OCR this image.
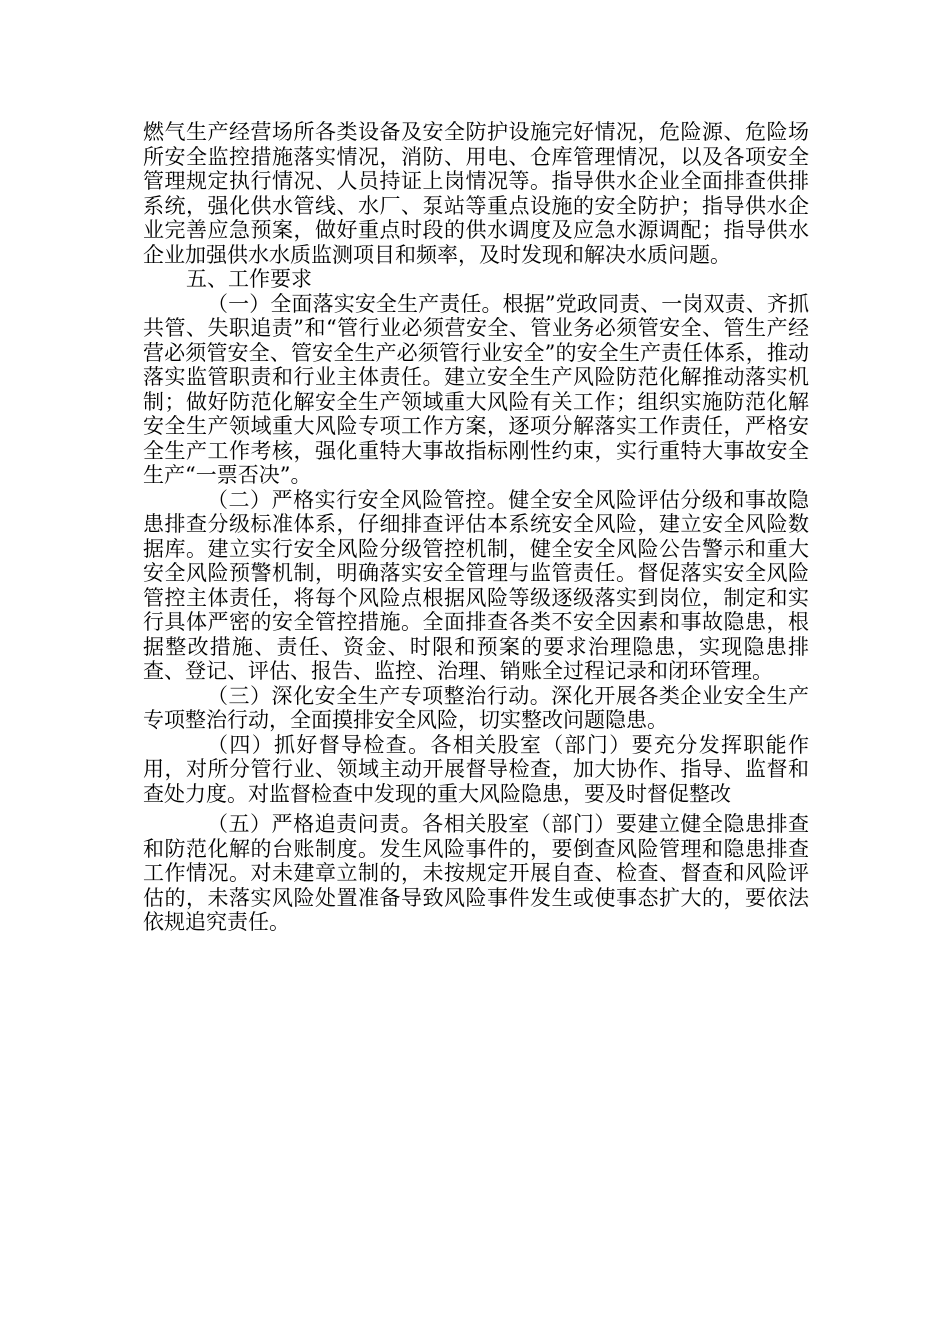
燃气生产经营场所各类设备及安全防护设施完好情况，危险源、危险场所安全监控措施落实情况，消防、用电、仓库管理情况，以及各项安全管理规定执行情况、人员持证上岗情况等。指导供水企业全面排查供排系统，强化供水管线、水厂、泵站等重点设施的安全防护；指导供水企业完善应急预案，做好重点时段的供水调度及应急水源调配；指导供水企业加强供水水质监测项目和频率，及时发现和解决水质问题。

五、工作要求

（一）全面落实安全生产责任。根据”党政同责、一岗双责、齐抓共管、失职追责”和“管行业必须营安全、管业务必须管安全、管生产经营必须管安全、管安全生产必须管行业安全”的安全生产责任体系，推动落实监管职责和行业主体责任。建立安全生产风险防范化解推动落实机制；做好防范化解安全生产领域重大风险有关工作；组织实施防范化解安全生产领域重大风险专项工作方案，逐项分解落实工作责任，严格安全生产工作考核，强化重特大事故指标刚性约束，实行重特大事故安全生产“一票否决”。

（二）严格实行安全风险管控。健全安全风险评估分级和事故隐患排查分级标准体系，仔细排查评估本系统安全风险，建立安全风险数据库。建立实行安全风险分级管控机制，健全安全风险公告警示和重大安全风险预警机制，明确落实安全管理与监管责任。督促落实安全风险管控主体责任，将每个风险点根据风险等级逐级落实到岗位，制定和实行具体严密的安全管控措施。全面排查各类不安全因素和事故隐患，根据整改措施、责任、资金、时限和预案的要求治理隐患，实现隐患排查、登记、评估、报告、监控、治理、销账全过程记录和闭环管理。

（三）深化安全生产专项整治行动。深化开展各类企业安全生产专项整治行动，全面摸排安全风险，切实整改问题隐患。

（四）抓好督导检查。各相关股室（部门）要充分发挥职能作用，对所分管行业、领域主动开展督导检查，加大协作、指导、监督和查处力度。对监督检查中发现的重大风险隐患，要及时督促整改

（五）严格追责问责。各相关股室（部门）要建立健全隐患排查和防范化解的台账制度。发生风险事件的，要倒查风险管理和隐患排查工作情况。对未建章立制的，未按规定开展自查、检查、督查和风险评估的，未落实风险处置准备导致风险事件发生或使事态扩大的，要依法依规追究责任。
